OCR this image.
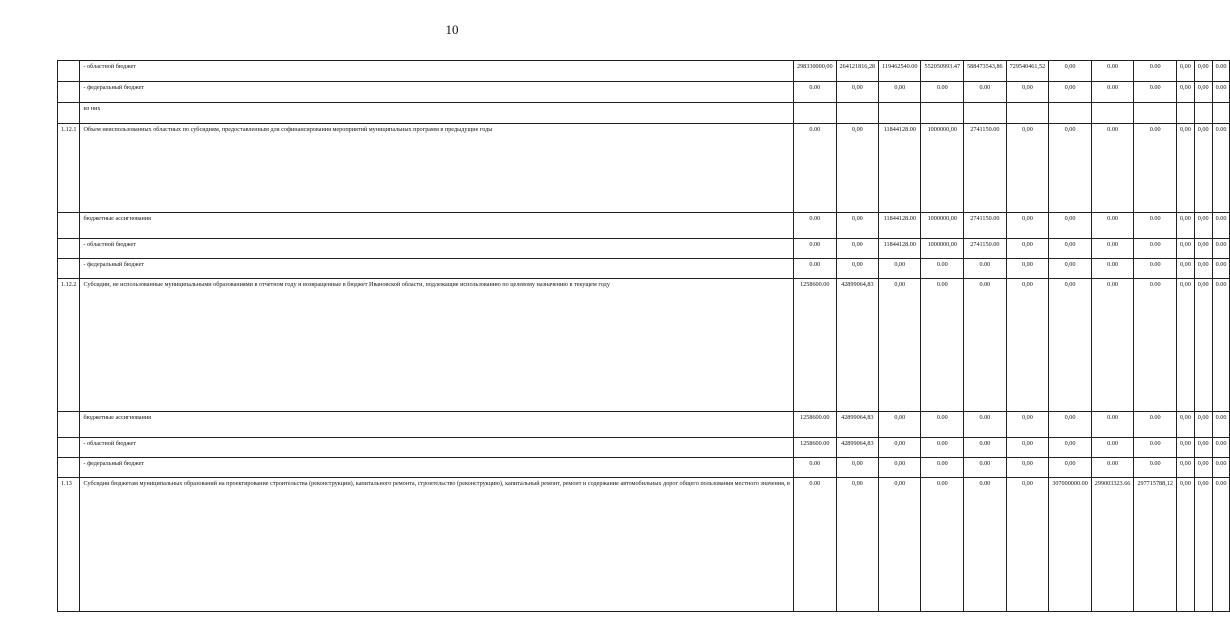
10
	- областной бюджет	298330000,00	264121816,28	119462540.00	552050993.47	588473543,86	729540461,52	0,00	0.00	0.00	0,00	0,00	0.00
	- федеральный бюджет	0.00	0,00	0,00	0.00	0.00	0,00	0,00	0.00	0.00	0,00	0,00	0.00
	из них												
1.12.1	Объем неиспользованных областных по субсидиям, предоставленным для софинансирования мероприятий муниципальных программ в предыдущие годы	0.00	0,00	11844128.00	1000000,00	2741150.00	0,00	0,00	0.00	0.00	0,00	0,00	0.00
	бюджетные ассигнования	0.00	0,00	11844128.00	1000000,00	2741150.00	0,00	0,00	0.00	0.00	0,00	0,00	0.00
	- областной бюджет	0.00	0,00	11844128.00	1000000,00	2741150.00	0,00	0,00	0.00	0.00	0,00	0,00	0.00
	- федеральный бюджет	0.00	0,00	0,00	0.00	0.00	0,00	0,00	0.00	0.00	0,00	0,00	0.00
1.12.2	Субсидии, не использованные муниципальными образованиями в отчетном году и возвращенные в бюджет Ивановской области, подлежащие использованию по целевому назначению в текущем году	1258600.00	42899064,83	0,00	0.00	0.00	0,00	0,00	0.00	0.00	0,00	0,00	0.00
	бюджетные ассигнования	1258600.00	42899064,83	0,00	0.00	0.00	0,00	0,00	0.00	0.00	0,00	0,00	0.00
	- областной бюджет	1258600.00	42899064,83	0,00	0.00	0.00	0,00	0,00	0.00	0.00	0,00	0,00	0.00
	- федеральный бюджет	0.00	0,00	0,00	0.00	0.00	0,00	0,00	0.00	0.00	0,00	0,00	0.00
1.13	Субсидии бюджетам муниципальных образований на проектирование строительства (реконструкции), капитального ремонта, строительство (реконструкцию), капитальный ремонт, ремонт и содержание автомобильных дорог общего пользования местного значения, в	0.00	0,00	0,00	0.00	0.00	0,00	307000000.00	299003323.66	297715788,12	0,00	0,00	0.00
